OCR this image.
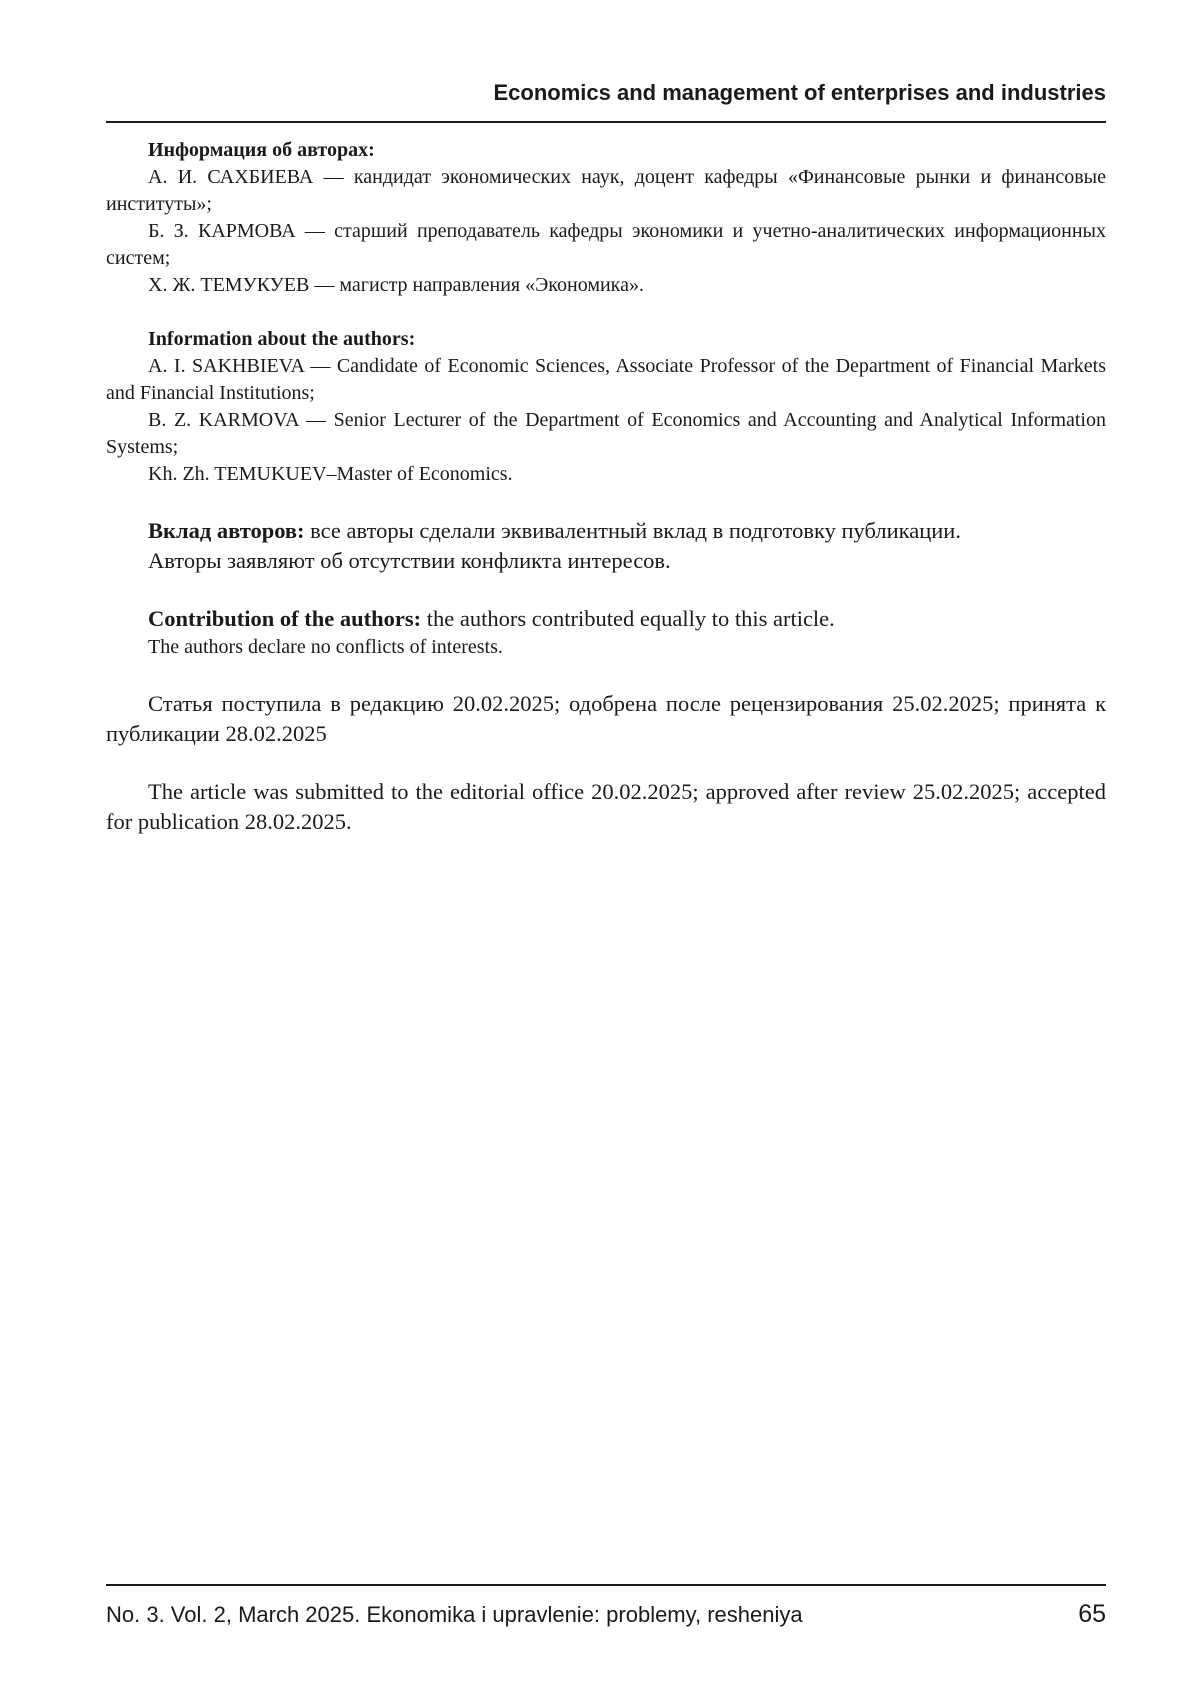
Economics and management of enterprises and industries

Информация об авторах:

А. И. САХБИЕВА — кандидат экономических наук, доцент кафедры «Финансовые рынки и финансовые институты»;

Б. З. КАРМОВА — старший преподаватель кафедры экономики и учетно-аналитических информационных систем;

Х. Ж. ТЕМУКУЕВ — магистр направления «Экономика».

Information about the authors:

A. I. SAKHBIEVA — Candidate of Economic Sciences, Associate Professor of the Department of Financial Markets and Financial Institutions;

B. Z. KARMOVA — Senior Lecturer of the Department of Economics and Accounting and Analytical Information Systems;

Kh. Zh. TEMUKUEV–Master of Economics.

Вклад авторов: все авторы сделали эквивалентный вклад в подготовку публикации.

Авторы заявляют об отсутствии конфликта интересов.

Contribution of the authors: the authors contributed equally to this article.

The authors declare no conflicts of interests.

Статья поступила в редакцию 20.02.2025; одобрена после рецензирования 25.02.2025; принята к публикации 28.02.2025

The article was submitted to the editorial office 20.02.2025; approved after review 25.02.2025; accepted for publication 28.02.2025.

No. 3. Vol. 2, March 2025. Ekonomika i upravlenie: problemy, resheniya	65
